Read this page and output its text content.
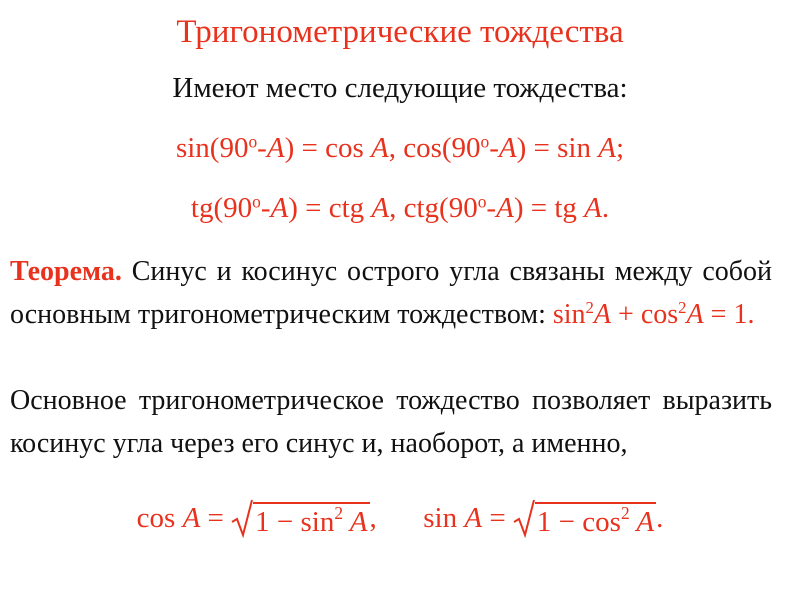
Тригонометрические тождества
Имеют место следующие тождества:
$\sin(90^о-A) = \cos A$, $\cos(90^о-A) = \sin A$;
$tg(90^о-A)$ = ctg A, $ctg(90^о-A)$ = tg A.
Теорема. Синус и косинус острого угла связаны между собой основным тригонометрическим тождеством: $\sin^2A + \cos^2A = 1$.
Основное тригонометрическое тождество позволяет выразить косинус угла через его синус и, наоборот, а именно,
cos A =
$1 - \sin^2 A$, sin A =
$1 - \cos^2 A$.
